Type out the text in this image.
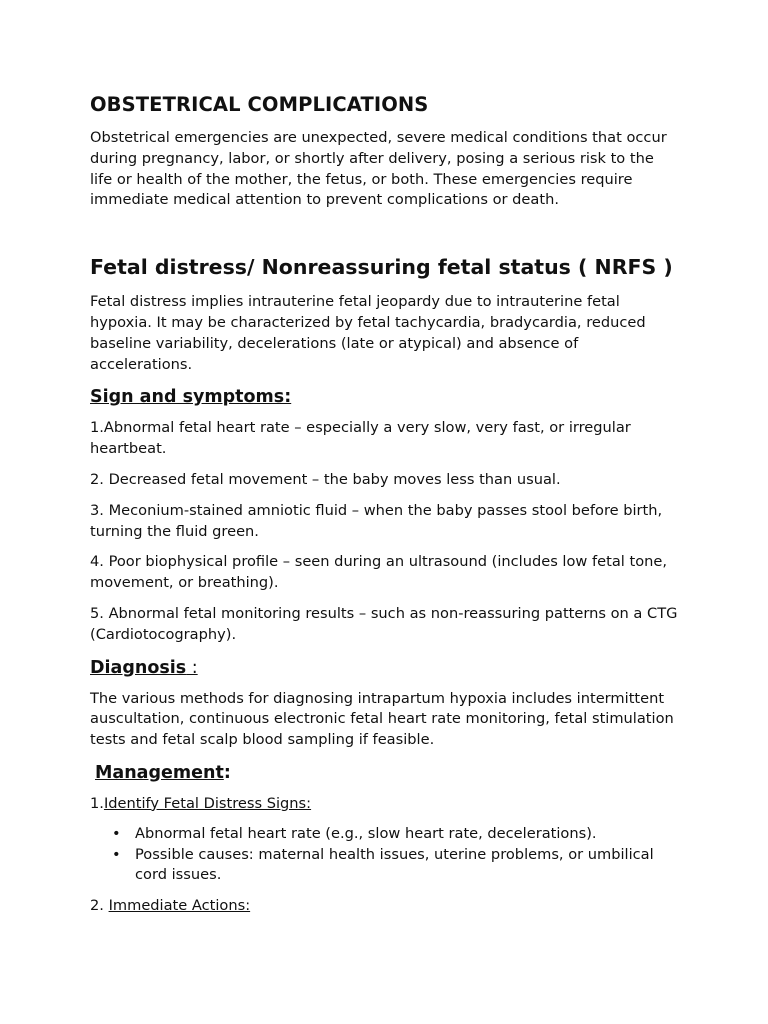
OBSTETRICAL COMPLICATIONS

Obstetrical emergencies are unexpected, severe medical conditions that occur during pregnancy, labor, or shortly after delivery, posing a serious risk to the life or health of the mother, the fetus, or both. These emergencies require immediate medical attention to prevent complications or death.

Fetal distress/ Nonreassuring fetal status ( NRFS )

Fetal distress implies intrauterine fetal jeopardy due to intrauterine fetal hypoxia. It may be characterized by fetal tachycardia, bradycardia, reduced baseline variability, decelerations (late or atypical) and absence of accelerations.

Sign and symptoms:

1.Abnormal fetal heart rate – especially a very slow, very fast, or irregular heartbeat.

2. Decreased fetal movement – the baby moves less than usual.

3. Meconium-stained amniotic fluid – when the baby passes stool before birth, turning the fluid green.

4. Poor biophysical profile – seen during an ultrasound (includes low fetal tone, movement, or breathing).

5. Abnormal fetal monitoring results – such as non-reassuring patterns on a CTG (Cardiotocography).

Diagnosis :

The various methods for diagnosing intrapartum hypoxia includes intermittent auscultation, continuous electronic fetal heart rate monitoring, fetal stimulation tests and fetal scalp blood sampling if feasible.

Management:
1.Identify Fetal Distress Signs:
• Abnormal fetal heart rate (e.g., slow heart rate, decelerations).
• Possible causes: maternal health issues, uterine problems, or umbilical cord issues.
2. Immediate Actions:
